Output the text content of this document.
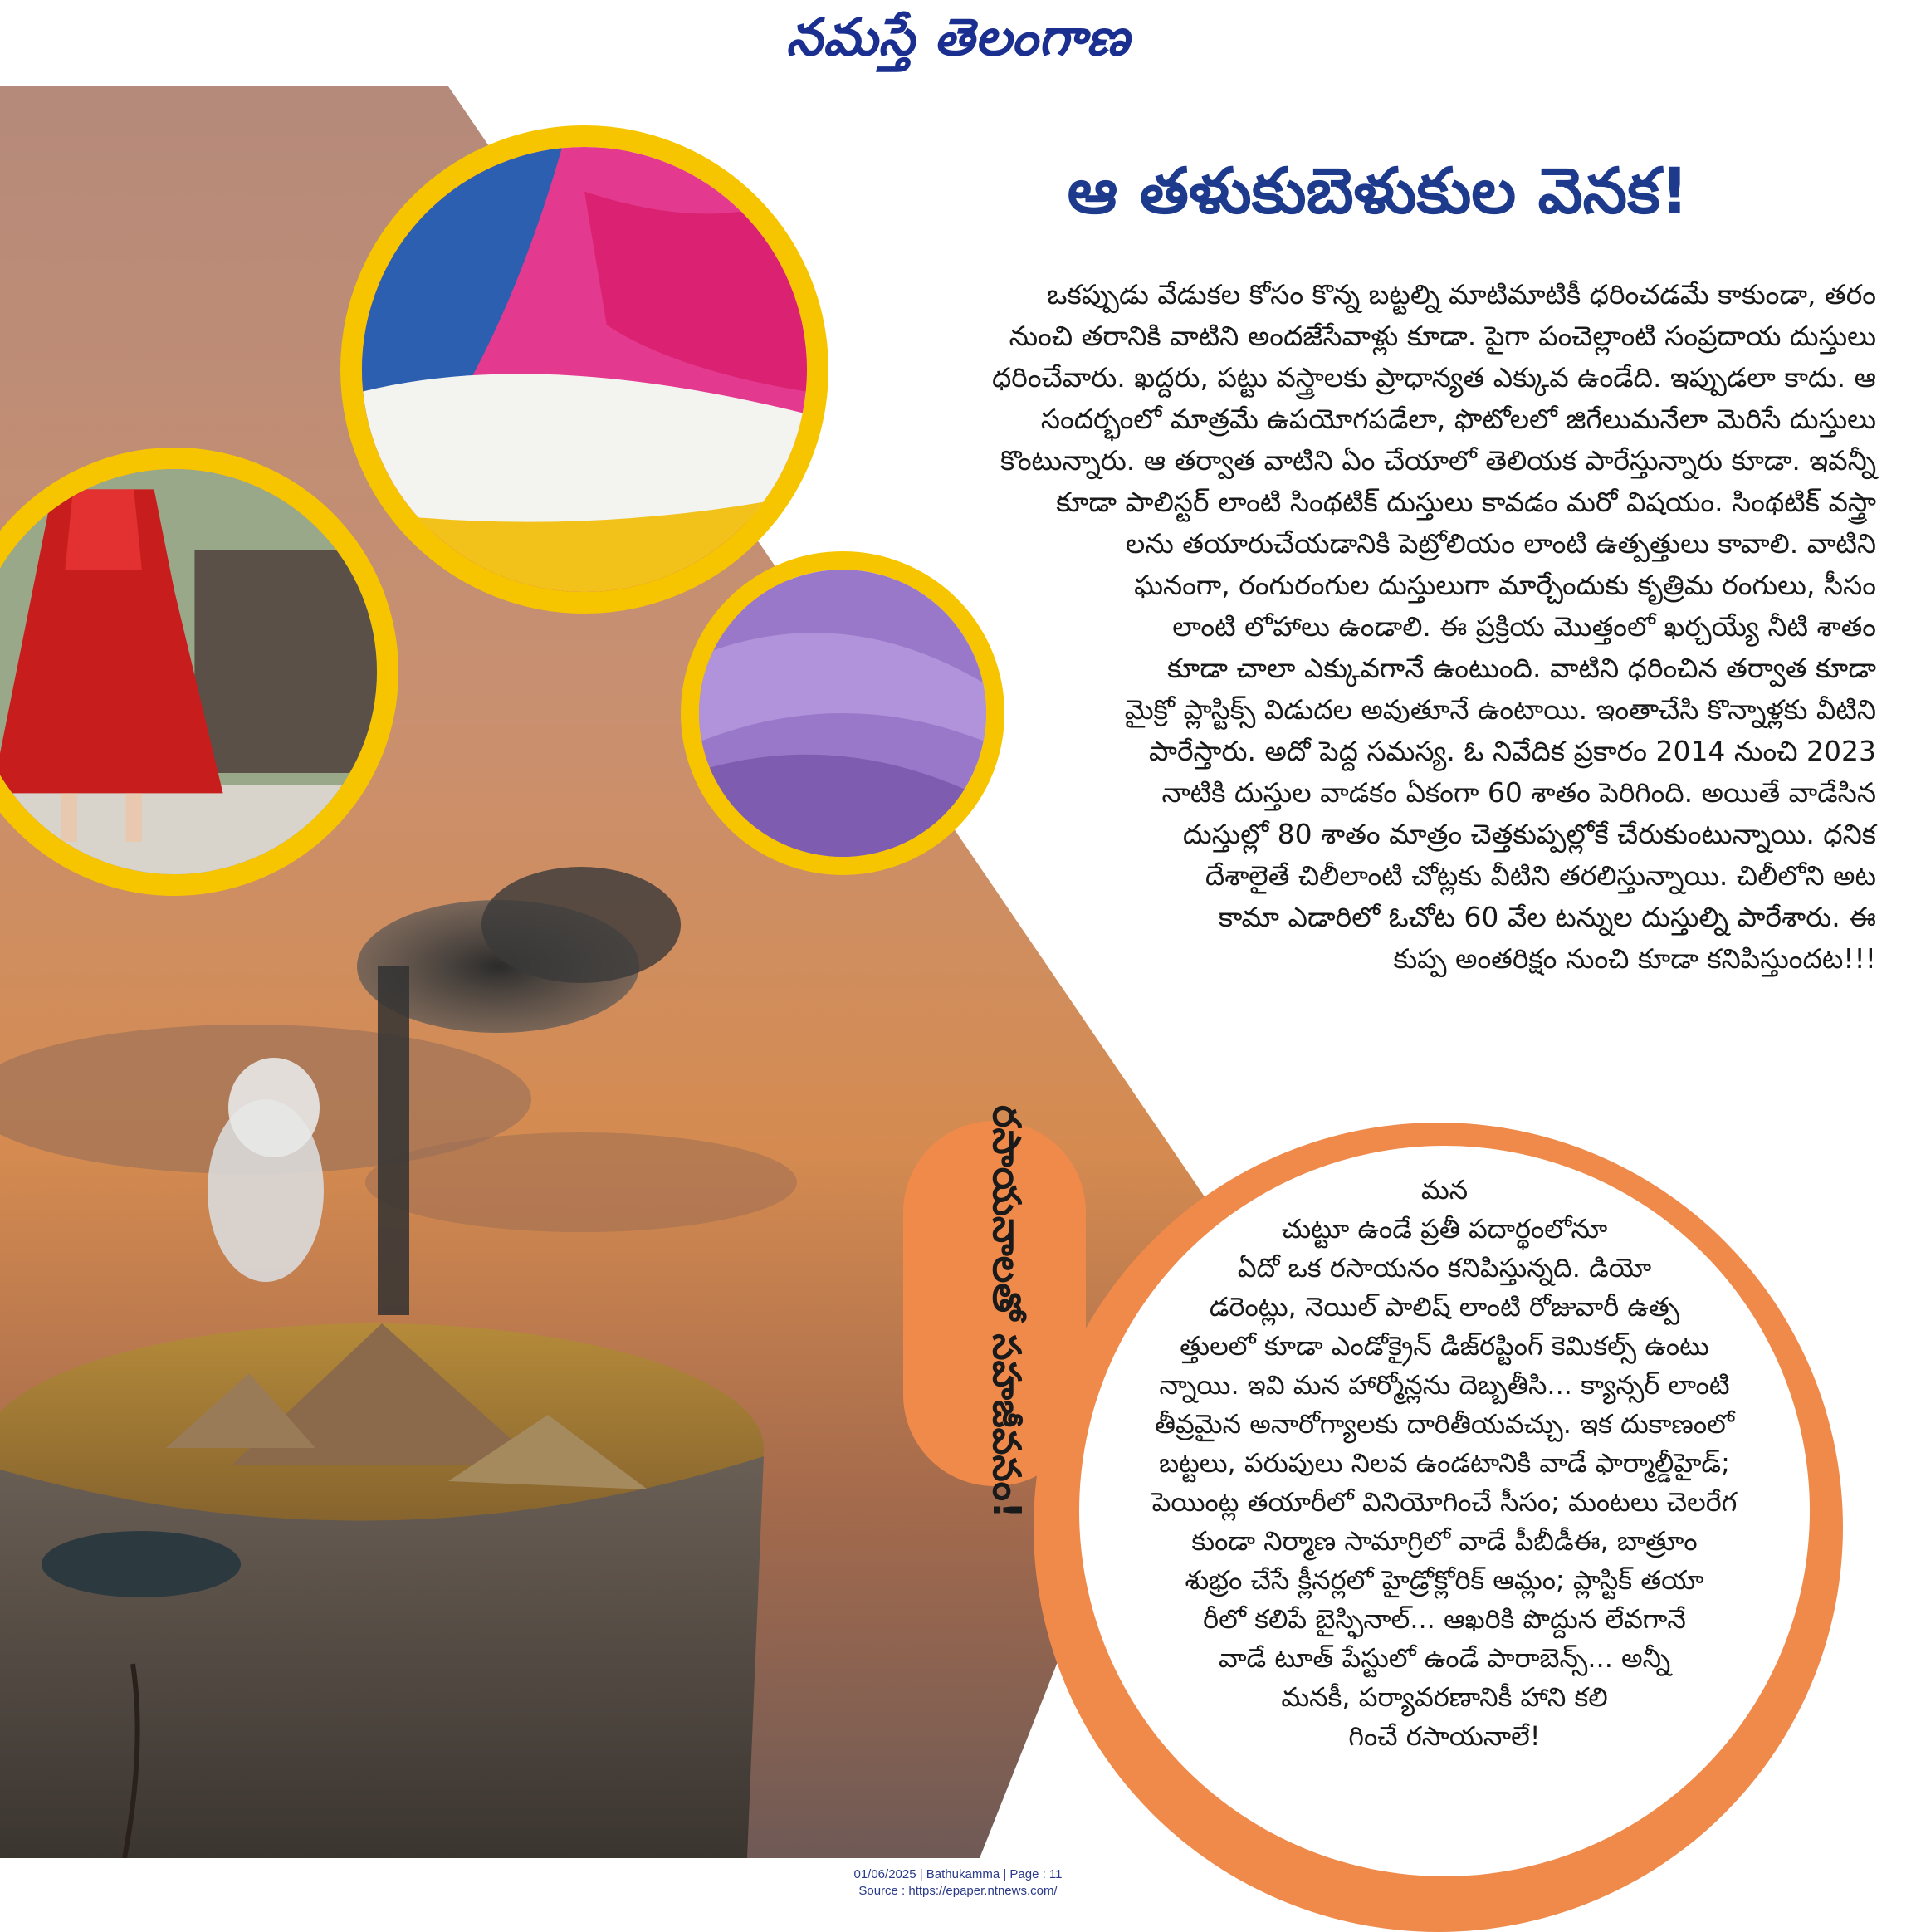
నమస్తే తెలంగాణ
ఆ తళుకుబెళుకుల వెనక!
ఒకప్పుడు వేడుకల కోసం కొన్న బట్టల్ని మాటిమాటికీ ధరించడమే కాకుండా, తరం
నుంచి తరానికి వాటిని అందజేసేవాళ్లు కూడా. పైగా పంచెల్లాంటి సంప్రదాయ దుస్తులు
ధరించేవారు. ఖద్దరు, పట్టు వస్త్రాలకు ప్రాధాన్యత ఎక్కువ ఉండేది. ఇప్పుడలా కాదు. ఆ
సందర్భంలో మాత్రమే ఉపయోగపడేలా, ఫొటోలలో జిగేలుమనేలా మెరిసే దుస్తులు
కొంటున్నారు. ఆ తర్వాత వాటిని ఏం చేయాలో తెలియక పారేస్తున్నారు కూడా. ఇవన్నీ
కూడా పాలిస్టర్ లాంటి సింథటిక్ దుస్తులు కావడం మరో విషయం. సింథటిక్ వస్త్రా
లను తయారుచేయడానికి పెట్రోలియం లాంటి ఉత్పత్తులు కావాలి. వాటిని
ఘనంగా, రంగురంగుల దుస్తులుగా మార్చేందుకు కృత్రిమ రంగులు, సీసం
లాంటి లోహాలు ఉండాలి. ఈ ప్రక్రియ మొత్తంలో ఖర్చయ్యే నీటి శాతం
కూడా చాలా ఎక్కువగానే ఉంటుంది. వాటిని ధరించిన తర్వాత కూడా
మైక్రో ప్లాస్టిక్స్ విడుదల అవుతూనే ఉంటాయి. ఇంతాచేసి కొన్నాళ్లకు వీటిని
పారేస్తారు. అదో పెద్ద సమస్య. ఓ నివేదిక ప్రకారం 2014 నుంచి 2023
నాటికి దుస్తుల వాడకం ఏకంగా 60 శాతం పెరిగింది. అయితే వాడేసిన
దుస్తుల్లో 80 శాతం మాత్రం చెత్తకుప్పల్లోకే చేరుకుంటున్నాయి. ధనిక
దేశాలైతే చిలీలాంటి చోట్లకు వీటిని తరలిస్తున్నాయి. చిలీలోని అట
కామా ఎడారిలో ఓచోట 60 వేల టన్నుల దుస్తుల్ని పారేశారు. ఈ
కుప్ప అంతరిక్షం నుంచి కూడా కనిపిస్తుందట!!!
రసాయనాలతో సహజీవనం!	మన
చుట్టూ ఉండే ప్రతీ పదార్థంలోనూ
ఏదో ఒక రసాయనం కనిపిస్తున్నది. డియో
డరెంట్లు, నెయిల్ పాలిష్ లాంటి రోజువారీ ఉత్ప
త్తులలో కూడా ఎండోక్రైన్ డిజ్‌రప్టింగ్ కెమికల్స్ ఉంటు
న్నాయి. ఇవి మన హార్మోన్లను దెబ్బతీసి... క్యాన్సర్ లాంటి
తీవ్రమైన అనారోగ్యాలకు దారితీయవచ్చు. ఇక దుకాణంలో
బట్టలు, పరుపులు నిలవ ఉండటానికి వాడే ఫార్మాల్డీహైడ్;
పెయింట్ల తయారీలో వినియోగించే సీసం; మంటలు చెలరేగ
కుండా నిర్మాణ సామాగ్రిలో వాడే పీబీడీఈ, బాత్రూం
శుభ్రం చేసే క్లీనర్లలో హైడ్రోక్లోరిక్ ఆమ్లం; ప్లాస్టిక్ తయా
రీలో కలిపే బైస్ఫినాల్... ఆఖరికి పొద్దున లేవగానే
వాడే టూత్ పేస్టులో ఉండే పారాబెన్స్... అన్నీ
మనకీ, పర్యావరణానికీ హాని కలి
గించే రసాయనాలే!
01/06/2025 | Bathukamma | Page : 11
Source : https://epaper.ntnews.com/
